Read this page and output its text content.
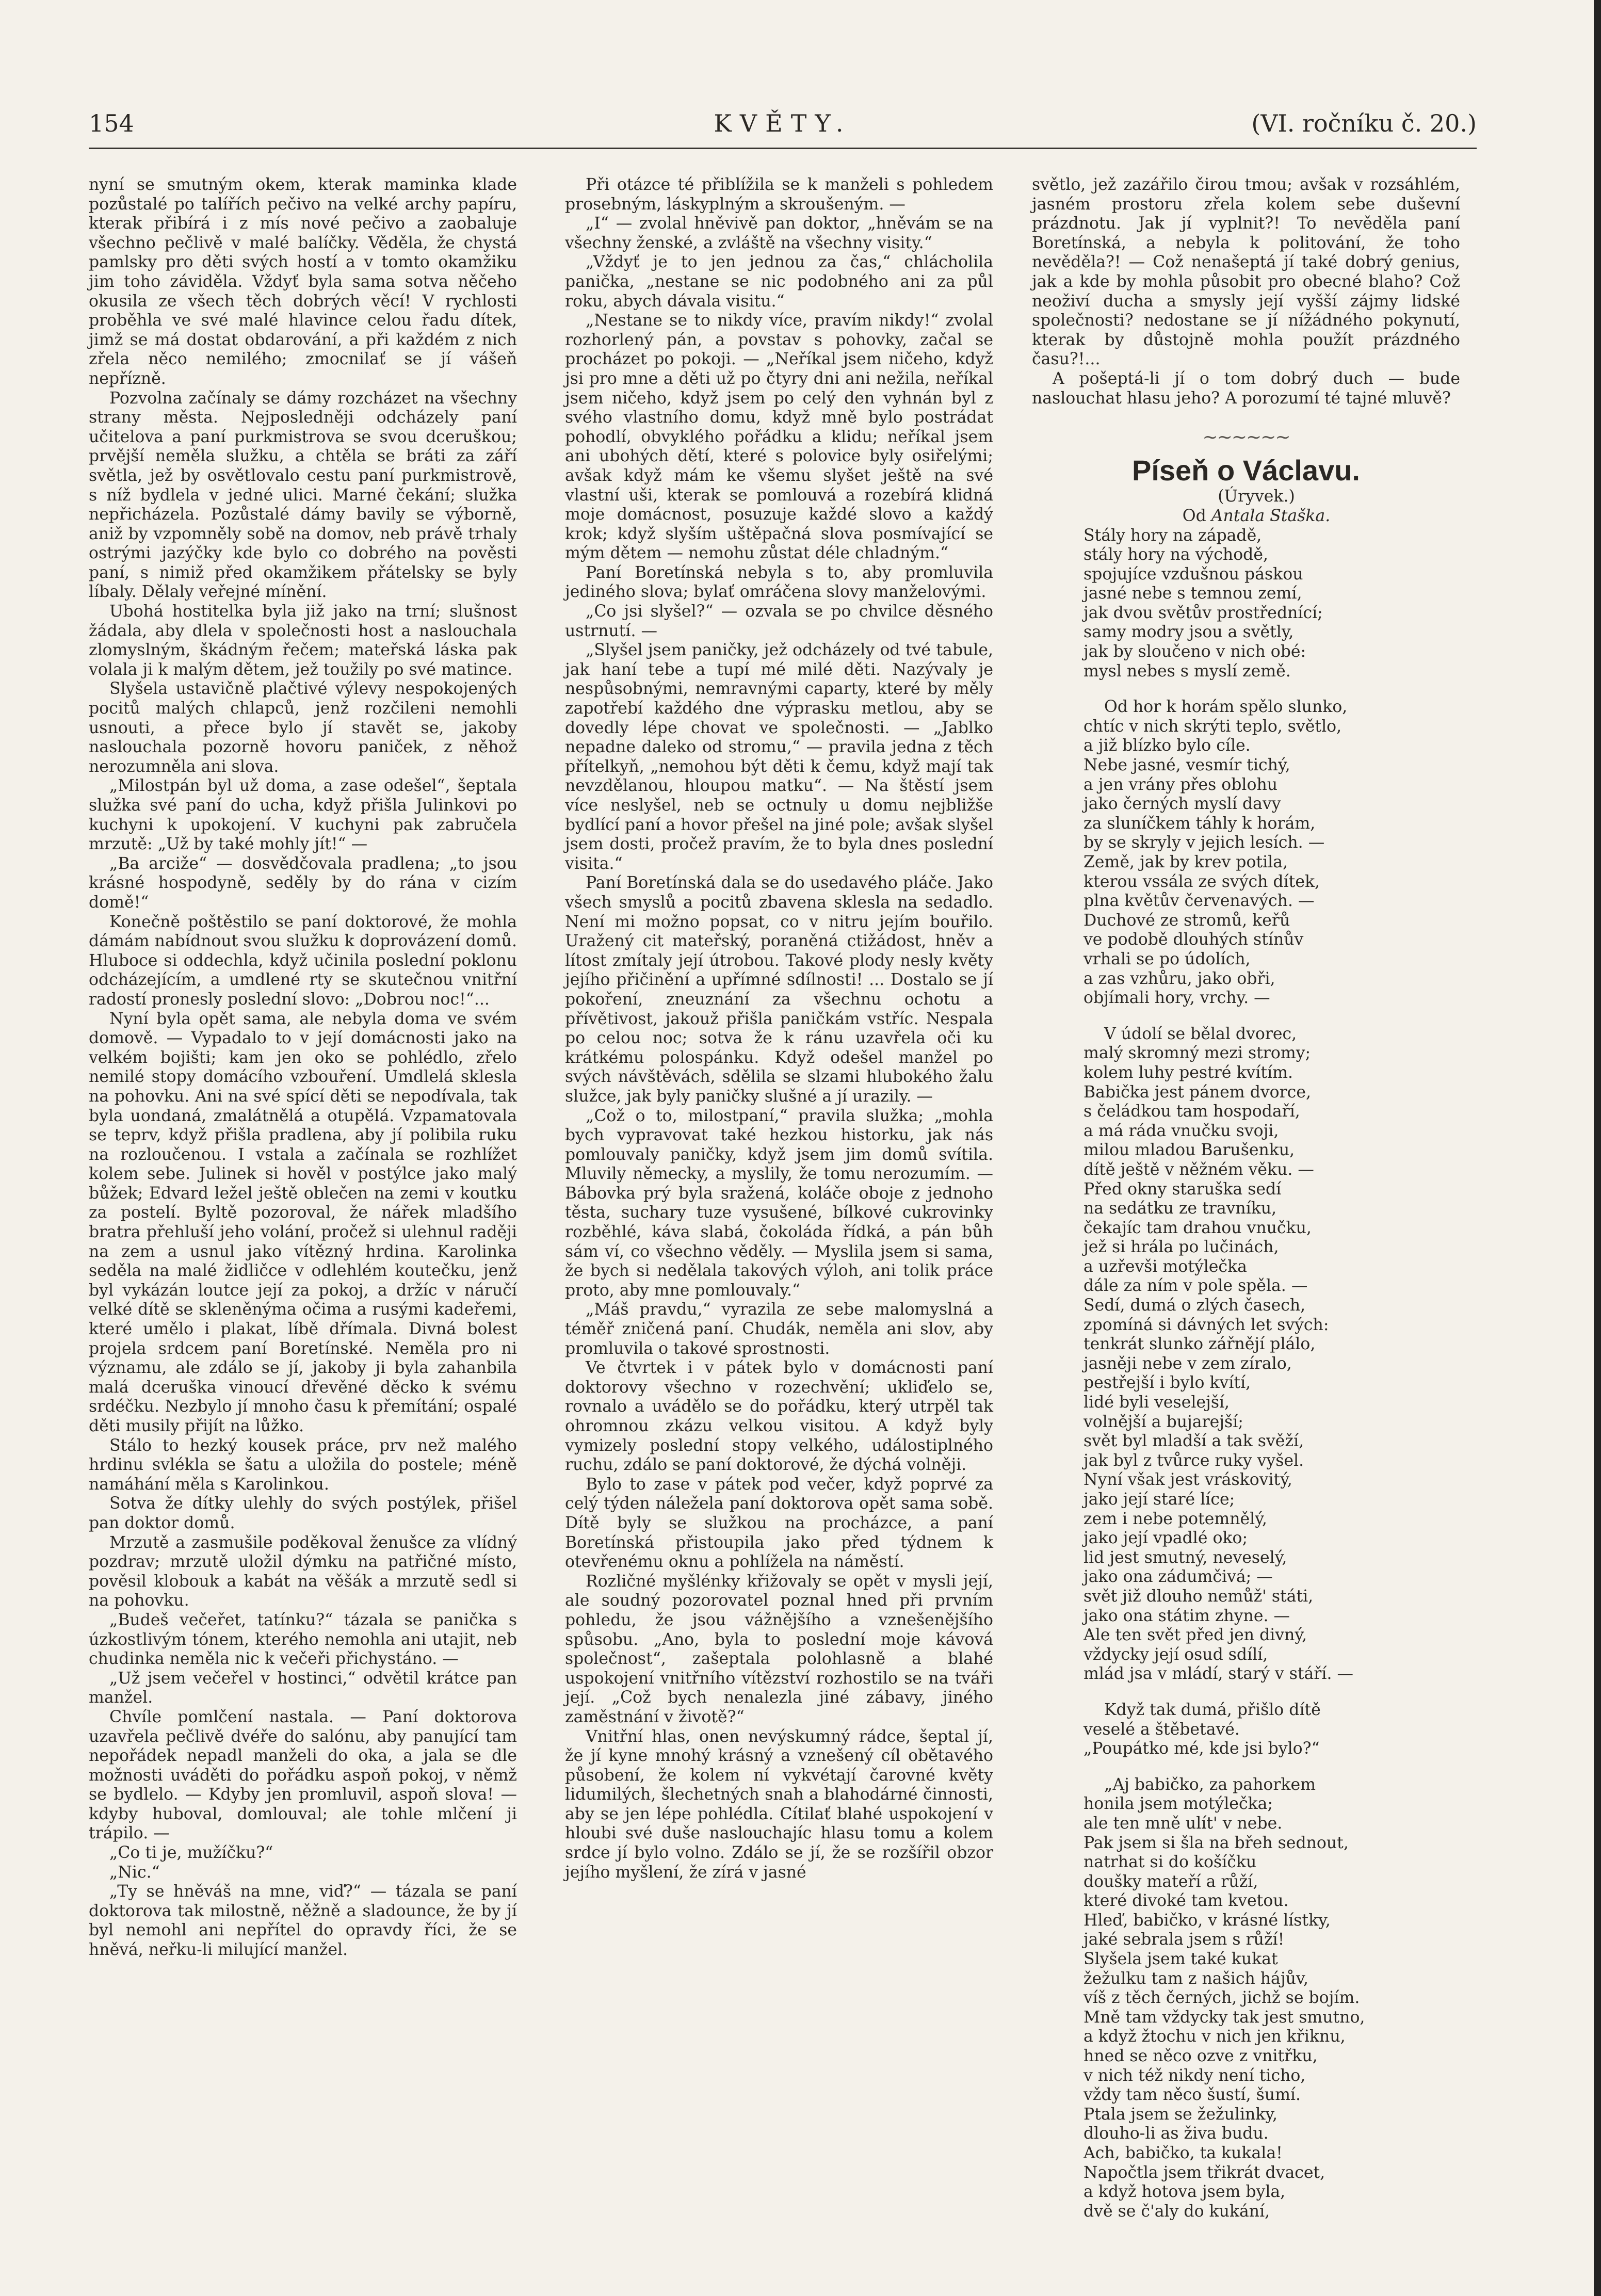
154	KVĚTY.	(VI. ročníku č. 20.)

nyní se smutným okem, kterak maminka klade pozůstalé po talířích pečivo na velké archy papíru, kterak přibírá i z mís nové pečivo a zaobaluje všechno pečlivě v malé balíčky. Věděla, že chystá pamlsky pro děti svých hostí a v tomto okamžiku jim toho záviděla. Vždyť byla sama sotva něčeho okusila ze všech těch dobrých věcí! V rychlosti proběhla ve své malé hlavince celou řadu dítek, jimž se má dostat obdarování, a při každém z nich zřela něco nemilého; zmocnilať se jí vášeň nepřízně.

Pozvolna začínaly se dámy rozcházet na všechny strany města. Nejposledněji odcházely paní učitelova a paní purkmistrova se svou dceruškou; prvější neměla služku, a chtěla se bráti za září světla, jež by osvětlovalo cestu paní purkmistrově, s níž bydlela v jedné ulici. Marné čekání; služka nepřicházela. Pozůstalé dámy bavily se výborně, aniž by vzpomněly sobě na domov, neb právě trhaly ostrými jazýčky kde bylo co dobrého na pověsti paní, s nimiž před okamžikem přátelsky se byly líbaly. Dělaly veřejné mínění.

Ubohá hostitelka byla již jako na trní; slušnost žádala, aby dlela v společnosti host a naslouchala zlomyslným, škádným řečem; mateřská láska pak volala ji k malým dětem, jež toužily po své matince.

Slyšela ustavičně plačtivé výlevy nespokojených pocitů malých chlapců, jenž rozčileni nemohli usnouti, a přece bylo jí stavět se, jakoby naslouchala pozorně hovoru paniček, z něhož nerozumněla ani slova.

„Milostpán byl už doma, a zase odešel“, šeptala služka své paní do ucha, když přišla Julinkovi po kuchyni k upokojení. V kuchyni pak zabručela mrzutě: „Už by také mohly jít!“ —

„Ba arciže“ — dosvědčovala pradlena; „to jsou krásné hospodyně, seděly by do rána v cizím domě!“

Konečně poštěstilo se paní doktorové, že mohla dámám nabídnout svou služku k doprovázení domů. Hluboce si oddechla, když učinila poslední poklonu odcházejícím, a umdlené rty se skutečnou vnitřní radostí pronesly poslední slovo: „Dobrou noc!“...

Nyní byla opět sama, ale nebyla doma ve svém domově. — Vypadalo to v její domácnosti jako na velkém bojišti; kam jen oko se pohlédlo, zřelo nemilé stopy domácího vzbouření. Umdlelá sklesla na pohovku. Ani na své spící děti se nepodívala, tak byla uondaná, zmalátnělá a otupělá. Vzpamatovala se teprv, když přišla pradlena, aby jí polibila ruku na rozloučenou. I vstala a začínala se rozhlížet kolem sebe. Julinek si hověl v postýlce jako malý bůžek; Edvard ležel ještě oblečen na zemi v koutku za postelí. Byltě pozoroval, že nářek mladšího bratra přehluší jeho volání, pročež si ulehnul raději na zem a usnul jako vítězný hrdina. Karolinka seděla na malé židličce v odlehlém koutečku, jenž byl vykázán loutce její za pokoj, a držíc v náručí velké dítě se skleněnýma očima a rusými kadeřemi, které umělo i plakat, líbě dřímala. Divná bolest projela srdcem paní Boretínské. Neměla pro ni významu, ale zdálo se jí, jakoby ji byla zahanbila malá dceruška vinoucí dřevěné děcko k svému srdéčku. Nezbylo jí mnoho času k přemítání; ospalé děti musily přijít na lůžko.

Stálo to hezký kousek práce, prv než malého hrdinu svlékla se šatu a uložila do postele; méně namáhání měla s Karolinkou.

Sotva že dítky ulehly do svých postýlek, přišel pan doktor domů.

Mrzutě a zasmušile poděkoval ženušce za vlídný pozdrav; mrzutě uložil dýmku na patřičné místo, pověsil klobouk a kabát na věšák a mrzutě sedl si na pohovku.

„Budeš večeřet, tatínku?“ tázala se panička s úzkostlivým tónem, kterého nemohla ani utajit, neb chudinka neměla nic k večeři přichystáno. —

„Už jsem večeřel v hostinci,“ odvětil krátce pan manžel.

Chvíle pomlčení nastala. — Paní doktorova uzavřela pečlivě dvéře do salónu, aby panující tam nepořádek nepadl manželi do oka, a jala se dle možnosti uváděti do pořádku aspoň pokoj, v němž se bydlelo. — Kdyby jen promluvil, aspoň slova! — kdyby huboval, domlouval; ale tohle mlčení ji trápilo. —

„Co ti je, mužíčku?“

„Nic.“

„Ty se hněváš na mne, viď?“ — tázala se paní doktorova tak milostně, něžně a sladounce, že by jí byl nemohl ani nepřítel do opravdy říci, že se hněvá, neřku-li milující manžel.

Při otázce té přiblížila se k manželi s pohledem prosebným, láskyplným a skroušeným. —

„I“ — zvolal hněvivě pan doktor, „hněvám se na všechny ženské, a zvláště na všechny visity.“

„Vždyť je to jen jednou za čas,“ chlácholila panička, „nestane se nic podobného ani za půl roku, abych dávala visitu.“

„Nestane se to nikdy více, pravím nikdy!“ zvolal rozhorlený pán, a povstav s pohovky, začal se procházet po pokoji. — „Neříkal jsem ničeho, když jsi pro mne a děti už po čtyry dni ani nežila, neříkal jsem ničeho, když jsem po celý den vyhnán byl z svého vlastního domu, když mně bylo postrádat pohodlí, obvyklého pořádku a klidu; neříkal jsem ani ubohých dětí, které s polovice byly osiřelými; avšak když mám ke všemu slyšet ještě na své vlastní uši, kterak se pomlouvá a rozebírá klidná moje domácnost, posuzuje každé slovo a každý krok; když slyším uštěpačná slova posmívající se mým dětem — nemohu zůstat déle chladným.“

Paní Boretínská nebyla s to, aby promluvila jediného slova; bylať omráčena slovy manželovými.

„Co jsi slyšel?“ — ozvala se po chvilce děsného ustrnutí. —

„Slyšel jsem paničky, jež odcházely od tvé tabule, jak haní tebe a tupí mé milé děti. Nazývaly je nespůsobnými, nemravnými caparty, které by měly zapotřebí každého dne výprasku metlou, aby se dovedly lépe chovat ve společnosti. — „Jablko nepadne daleko od stromu,“ — pravila jedna z těch přítelkyň, „nemohou být děti k čemu, když mají tak nevzdělanou, hloupou matku“. — Na štěstí jsem více neslyšel, neb se octnuly u domu nejbližše bydlící paní a hovor přešel na jiné pole; avšak slyšel jsem dosti, pročež pravím, že to byla dnes poslední visita.“

Paní Boretínská dala se do usedavého pláče. Jako všech smyslů a pocitů zbavena sklesla na sedadlo. Není mi možno popsat, co v nitru jejím bouřilo. Uražený cit mateřský, poraněná ctižádost, hněv a lítost zmítaly její útrobou. Takové plody nesly květy jejího přičinění a upřímné sdílnosti! ... Dostalo se jí pokoření, zneuznání za všechnu ochotu a přívětivost, jakouž přišla paničkám vstříc. Nespala po celou noc; sotva že k ránu uzavřela oči ku krátkému polospánku. Když odešel manžel po svých návštěvách, sdělila se slzami hlubokého žalu služce, jak byly paničky slušné a jí urazily. —

„Což o to, milostpaní,“ pravila služka; „mohla bych vypravovat také hezkou historku, jak nás pomlouvaly paničky, když jsem jim domů svítila. Mluvily německy, a myslily, že tomu nerozumím. — Bábovka prý byla sražená, koláče oboje z jednoho těsta, suchary tuze vysušené, bílkové cukrovinky rozběhlé, káva slabá, čokoláda řídká, a pán bůh sám ví, co všechno věděly. — Myslila jsem si sama, že bych si nedělala takových výloh, ani tolik práce proto, aby mne pomlouvaly.“

„Máš pravdu,“ vyrazila ze sebe malomyslná a téměř zničená paní. Chudák, neměla ani slov, aby promluvila o takové sprostnosti.

Ve čtvrtek i v pátek bylo v domácnosti paní doktorovy všechno v rozechvění; ukliďelo se, rovnalo a uvádělo se do pořádku, který utrpěl tak ohromnou zkázu velkou visitou. A když byly vymizely poslední stopy velkého, událostiplného ruchu, zdálo se paní doktorové, že dýchá volněji.

Bylo to zase v pátek pod večer, když poprvé za celý týden náležela paní doktorova opět sama sobě. Dítě byly se služkou na procházce, a paní Boretínská přistoupila jako před týdnem k otevřenému oknu a pohlížela na náměstí.

Rozličné myšlénky křižovaly se opět v mysli její, ale soudný pozorovatel poznal hned při prvním pohledu, že jsou vážnějšího a vznešenějšího spůsobu. „Ano, byla to poslední moje kávová společnost“, zašeptala polohlasně a blahé uspokojení vnitřního vítězství rozhostilo se na tváři její. „Což bych nenalezla jiné zábavy, jiného zaměstnání v životě?“

Vnitřní hlas, onen nevýskumný rádce, šeptal jí, že jí kyne mnohý krásný a vznešený cíl obětavého působení, že kolem ní vykvétají čarovné květy lidumilých, šlechetných snah a blahodárné činnosti, aby se jen lépe pohlédla. Cítilať blahé uspokojení v hloubi své duše naslouchajíc hlasu tomu a kolem srdce jí bylo volno. Zdálo se jí, že se rozšířil obzor jejího myšlení, že zírá v jasné

světlo, jež zazářilo čirou tmou; avšak v rozsáhlém, jasném prostoru zřela kolem sebe duševní prázdnotu. Jak jí vyplnit?! To nevěděla paní Boretínská, a nebyla k politování, že toho nevěděla?! — Což nenašeptá jí také dobrý genius, jak a kde by mohla působit pro obecné blaho? Což neoživí ducha a smysly její vyšší zájmy lidské společnosti? nedostane se jí nížádného pokynutí, kterak by důstojně mohla použít prázdného času?!...

A pošeptá-li jí o tom dobrý duch — bude naslouchat hlasu jeho? A porozumí té tajné mluvě?

~~~~~~
Píseň o Václavu.

(Úryvek.)

Od Antala Staška.

Stály hory na západě,
stály hory na východě,
spojujíce vzdušnou páskou
jasné nebe s temnou zemí,
jak dvou světův prostřednící;
samy modry jsou a světly,
jak by sloučeno v nich obé:
mysl nebes s myslí země.
Od hor k horám spělo slunko,
chtíc v nich skrýti teplo, světlo,
a již blízko bylo cíle.
Nebe jasné, vesmír tichý,
a jen vrány přes oblohu
jako černých myslí davy
za sluníčkem táhly k horám,
by se skryly v jejich lesích. —
Země, jak by krev potila,
kterou vssála ze svých dítek,
plna květův červenavých. —
Duchové ze stromů, keřů
ve podobě dlouhých stínův
vrhali se po údolích,
a zas vzhůru, jako obři,
objímali hory, vrchy. —
V údolí se bělal dvorec,
malý skromný mezi stromy;
kolem luhy pestré kvítím.
Babička jest pánem dvorce,
s čeládkou tam hospodaří,
a má ráda vnučku svoji,
milou mladou Barušenku,
dítě ještě v něžném věku. —
Před okny staruška sedí
na sedátku ze travníku,
čekajíc tam drahou vnučku,
jež si hrála po lučinách,
a uzřevši motýlečka
dále za ním v pole spěla. —
Sedí, dumá o zlých časech,
zpomíná si dávných let svých:
tenkrát slunko zářnějí plálo,
jasněji nebe v zem zíralo,
pestřejší i bylo kvítí,
lidé byli veselejší,
volnější a bujarejší;
svět byl mladší a tak svěží,
jak byl z tvůrce ruky vyšel.
Nyní však jest vráskovitý,
jako její staré líce;
zem i nebe potemnělý,
jako její vpadlé oko;
lid jest smutný, neveselý,
jako ona zádumčivá; —
svět již dlouho nemůž' státi,
jako ona státim zhyne. —
Ale ten svět před jen divný,
vždycky její osud sdílí,
mlád jsa v mládí, starý v stáří. —
Když tak dumá, přišlo dítě
veselé a štěbetavé.
„Poupátko mé, kde jsi bylo?“
„Aj babičko, za pahorkem
honila jsem motýlečka;
ale ten mně ulít' v nebe.
Pak jsem si šla na břeh sednout,
natrhat si do košíčku
doušky mateří a růží,
které divoké tam kvetou.
Hleď, babičko, v krásné lístky,
jaké sebrala jsem s růží!
Slyšela jsem také kukat
žežulku tam z našich hájův,
víš z těch černých, jichž se bojím.
Mně tam vždycky tak jest smutno,
a když žtochu v nich jen křiknu,
hned se něco ozve z vnitřku,
v nich též nikdy není ticho,
vždy tam něco šustí, šumí.
Ptala jsem se žežulinky,
dlouho-li as živa budu.
Ach, babičko, ta kukala!
Napočtla jsem třikrát dvacet,
a když hotova jsem byla,
dvě se č'aly do kukání,
